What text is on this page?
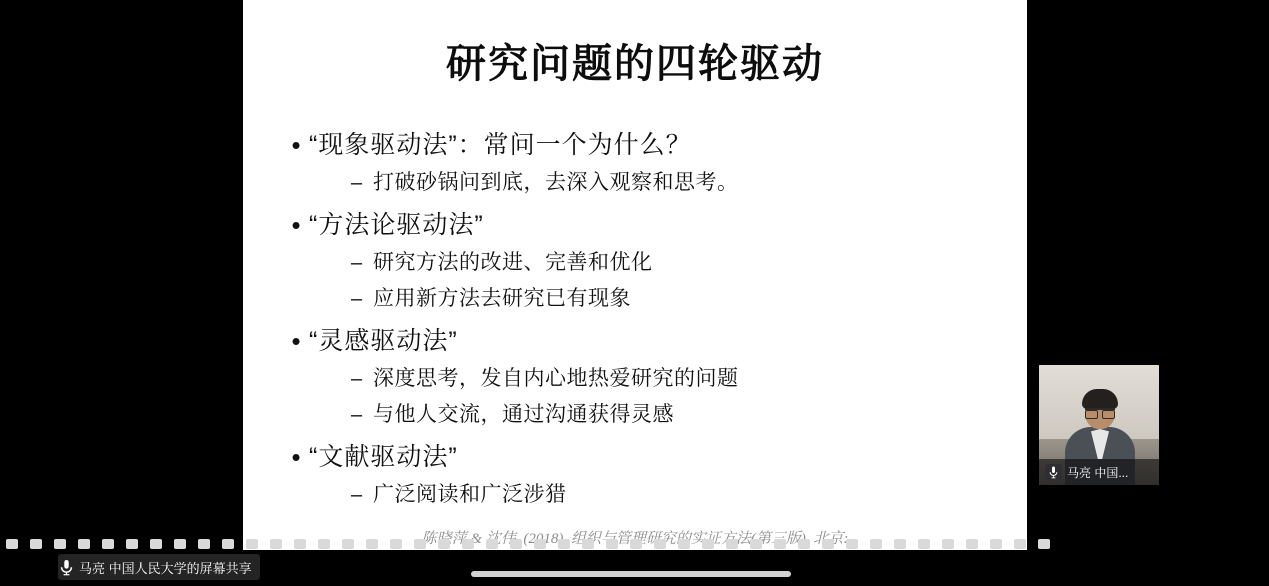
研究问题的四轮驱动
• “现象驱动法”：常问一个为什么？
– 打破砂锅问到底，去深入观察和思考。
• “方法论驱动法”
– 研究方法的改进、完善和优化
– 应用新方法去研究已有现象
• “灵感驱动法”
– 深度思考，发自内心地热爱研究的问题
– 与他人交流，通过沟通获得灵感
• “文献驱动法”
– 广泛阅读和广泛涉猎
& 沈伟. 组织与管理研究的实证方法(第三版).
马亮 中国...
马亮 中国人民大学的屏幕共享
